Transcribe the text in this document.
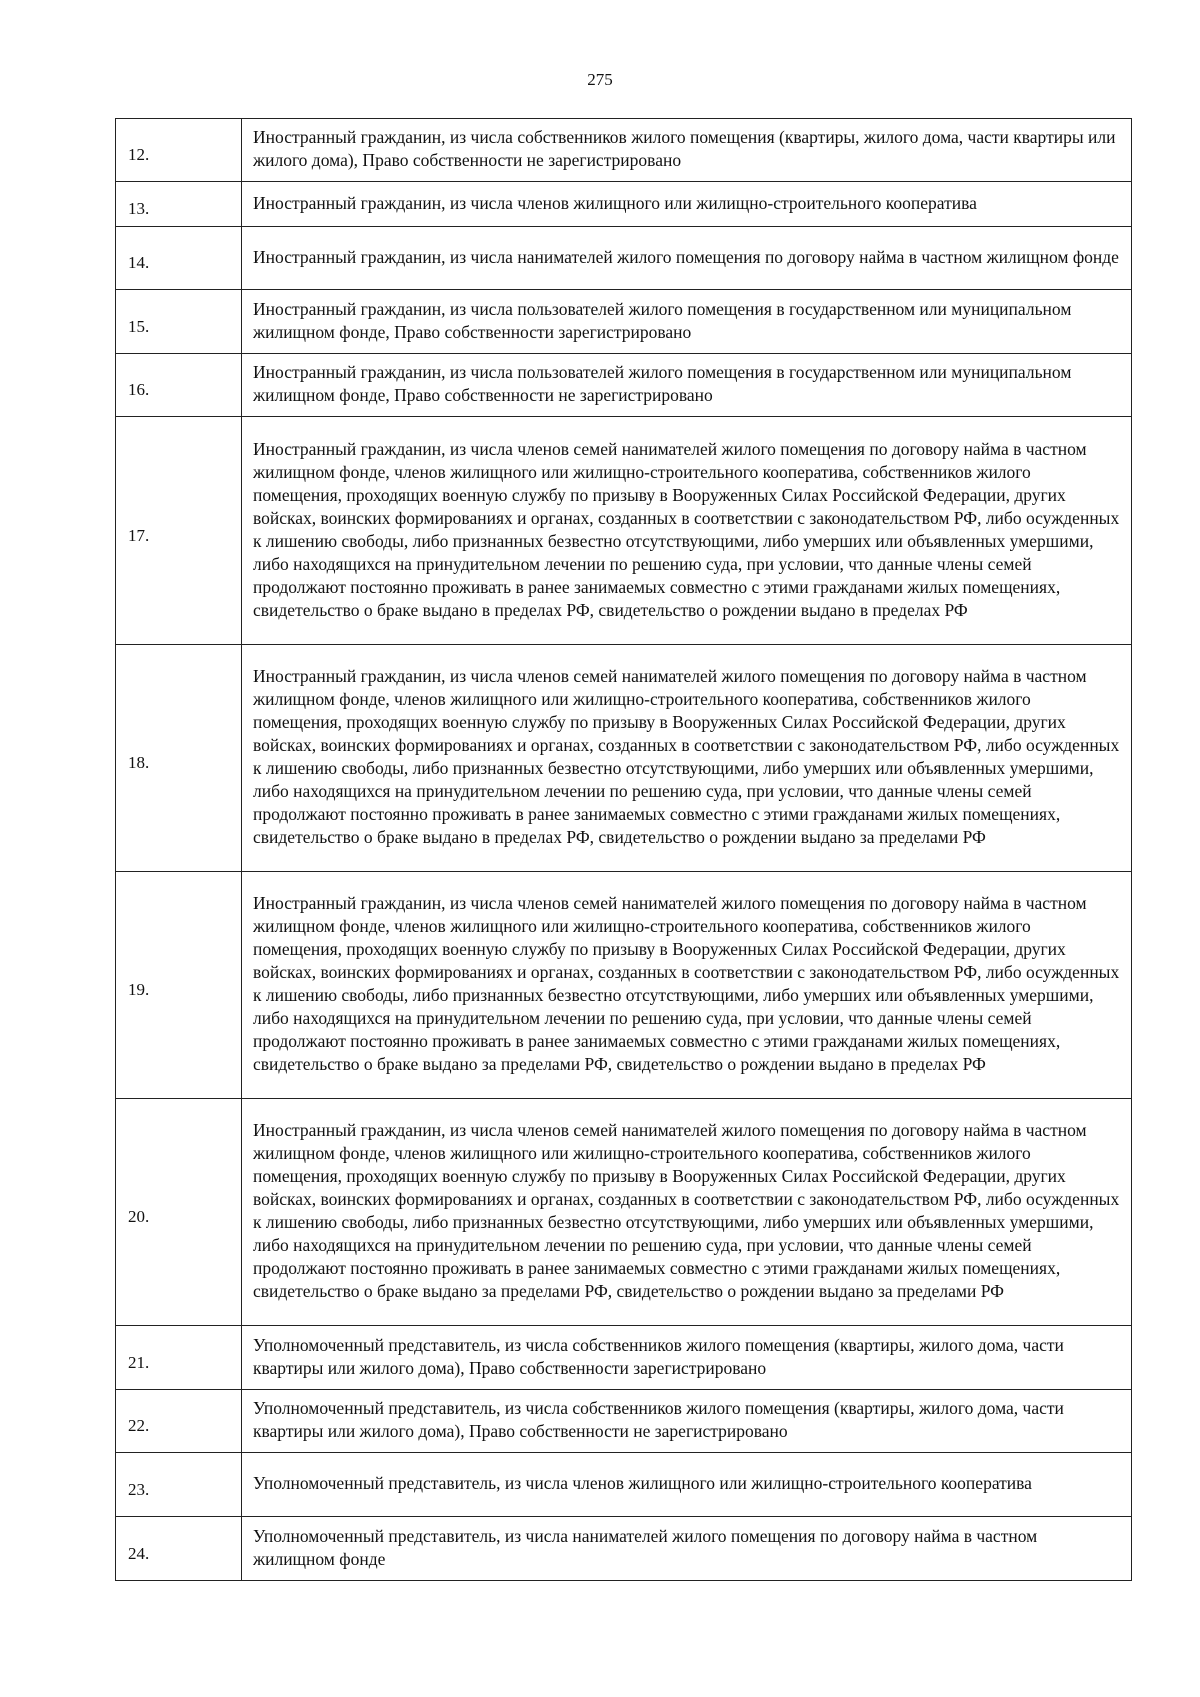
275
12.	Иностранный гражданин, из числа собственников жилого помещения (квартиры, жилого дома, части квартиры или жилого дома), Право собственности не зарегистрировано

13.	Иностранный гражданин, из числа членов жилищного или жилищно-строительного кооператива

14.	Иностранный гражданин, из числа нанимателей жилого помещения по договору найма в частном жилищном фонде

15.	Иностранный гражданин, из числа пользователей жилого помещения в государственном или муниципальном жилищном фонде, Право собственности зарегистрировано

16.	Иностранный гражданин, из числа пользователей жилого помещения в государственном или муниципальном жилищном фонде, Право собственности не зарегистрировано

17.	Иностранный гражданин, из числа членов семей нанимателей жилого помещения по договору найма в частном жилищном фонде, членов жилищного или жилищно-строительного кооператива, собственников жилого помещения, проходящих военную службу по призыву в Вооруженных Силах Российской Федерации, других войсках, воинских формированиях и органах, созданных в соответствии с законодательством РФ, либо осужденных к лишению свободы, либо признанных безвестно отсутствующими, либо умерших или объявленных умершими, либо находящихся на принудительном лечении по решению суда, при условии, что данные члены семей продолжают постоянно проживать в ранее занимаемых совместно с этими гражданами жилых помещениях, свидетельство о браке выдано в пределах РФ, свидетельство о рождении выдано в пределах РФ

18.	Иностранный гражданин, из числа членов семей нанимателей жилого помещения по договору найма в частном жилищном фонде, членов жилищного или жилищно-строительного кооператива, собственников жилого помещения, проходящих военную службу по призыву в Вооруженных Силах Российской Федерации, других войсках, воинских формированиях и органах, созданных в соответствии с законодательством РФ, либо осужденных к лишению свободы, либо признанных безвестно отсутствующими, либо умерших или объявленных умершими, либо находящихся на принудительном лечении по решению суда, при условии, что данные члены семей продолжают постоянно проживать в ранее занимаемых совместно с этими гражданами жилых помещениях, свидетельство о браке выдано в пределах РФ, свидетельство о рождении выдано за пределами РФ

19.	Иностранный гражданин, из числа членов семей нанимателей жилого помещения по договору найма в частном жилищном фонде, членов жилищного или жилищно-строительного кооператива, собственников жилого помещения, проходящих военную службу по призыву в Вооруженных Силах Российской Федерации, других войсках, воинских формированиях и органах, созданных в соответствии с законодательством РФ, либо осужденных к лишению свободы, либо признанных безвестно отсутствующими, либо умерших или объявленных умершими, либо находящихся на принудительном лечении по решению суда, при условии, что данные члены семей продолжают постоянно проживать в ранее занимаемых совместно с этими гражданами жилых помещениях, свидетельство о браке выдано за пределами РФ, свидетельство о рождении выдано в пределах РФ

20.	Иностранный гражданин, из числа членов семей нанимателей жилого помещения по договору найма в частном жилищном фонде, членов жилищного или жилищно-строительного кооператива, собственников жилого помещения, проходящих военную службу по призыву в Вооруженных Силах Российской Федерации, других войсках, воинских формированиях и органах, созданных в соответствии с законодательством РФ, либо осужденных к лишению свободы, либо признанных безвестно отсутствующими, либо умерших или объявленных умершими, либо находящихся на принудительном лечении по решению суда, при условии, что данные члены семей продолжают постоянно проживать в ранее занимаемых совместно с этими гражданами жилых помещениях, свидетельство о браке выдано за пределами РФ, свидетельство о рождении выдано за пределами РФ

21.	Уполномоченный представитель, из числа собственников жилого помещения (квартиры, жилого дома, части квартиры или жилого дома), Право собственности зарегистрировано

22.	Уполномоченный представитель, из числа собственников жилого помещения (квартиры, жилого дома, части квартиры или жилого дома), Право собственности не зарегистрировано

23.	Уполномоченный представитель, из числа членов жилищного или жилищно-строительного кооператива

24.	Уполномоченный представитель, из числа нанимателей жилого помещения по договору найма в частном жилищном фонде
